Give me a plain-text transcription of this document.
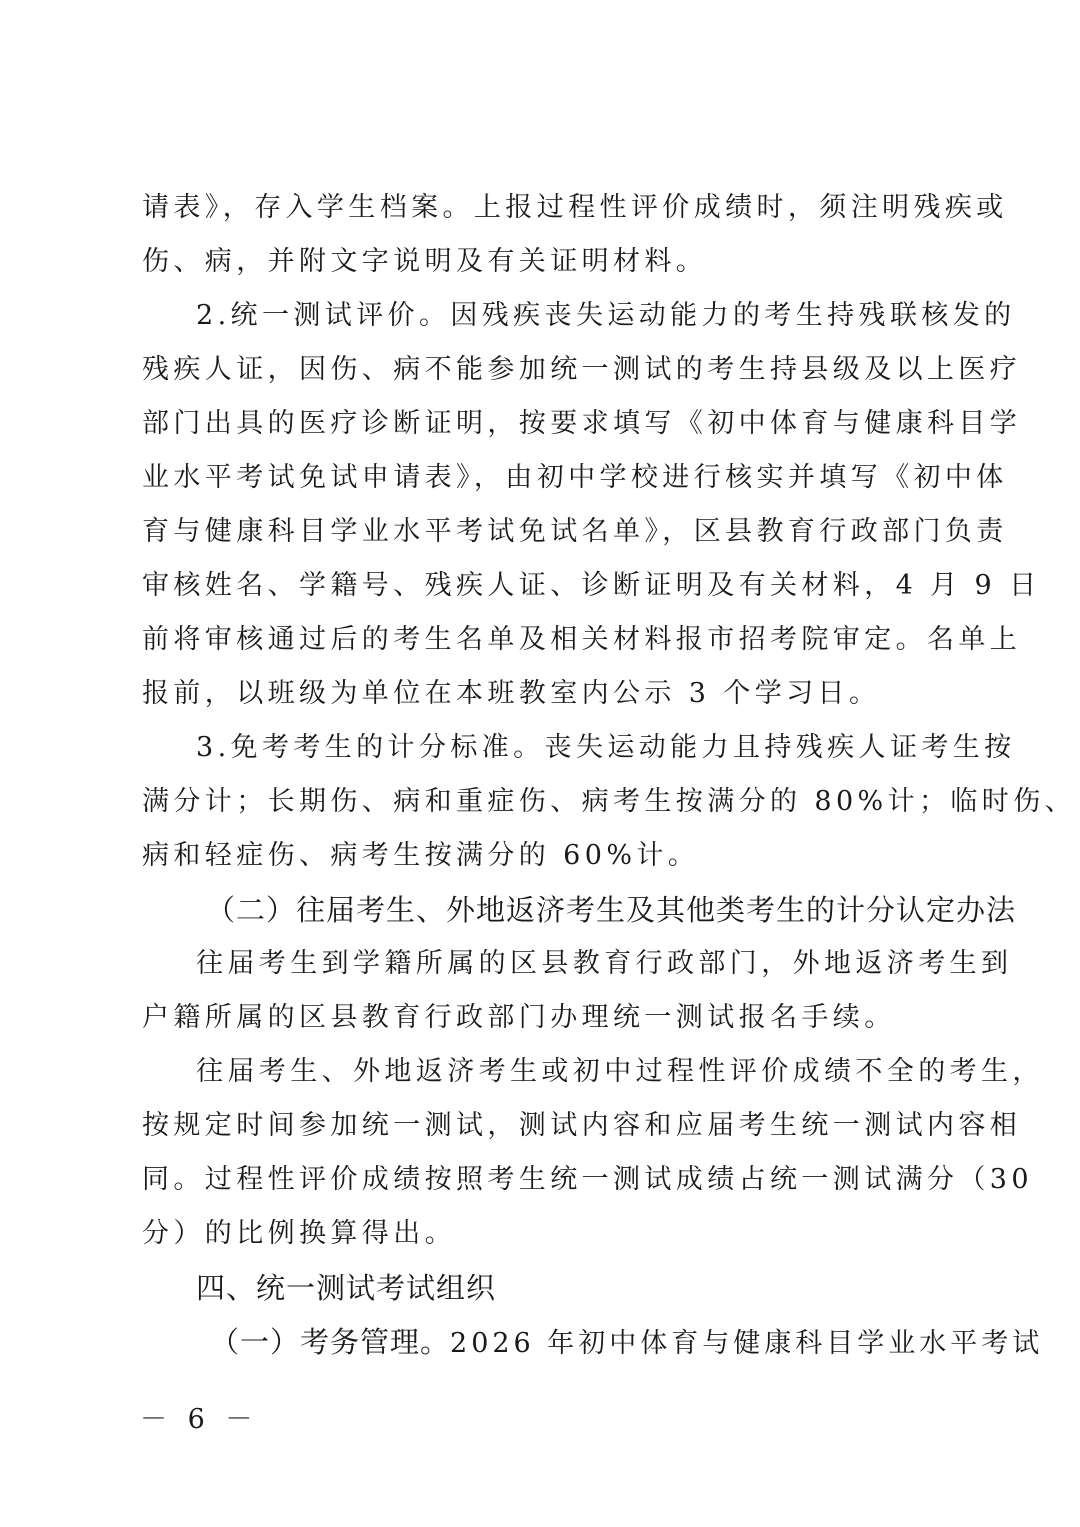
请表》，存入学生档案。上报过程性评价成绩时，须注明残疾或
伤、病，并附文字说明及有关证明材料。
2.统一测试评价。因残疾丧失运动能力的考生持残联核发的
残疾人证，因伤、病不能参加统一测试的考生持县级及以上医疗
部门出具的医疗诊断证明，按要求填写《初中体育与健康科目学
业水平考试免试申请表》，由初中学校进行核实并填写《初中体
育与健康科目学业水平考试免试名单》，区县教育行政部门负责
审核姓名、学籍号、残疾人证、诊断证明及有关材料，4 月 9 日
前将审核通过后的考生名单及相关材料报市招考院审定。名单上
报前，以班级为单位在本班教室内公示 3 个学习日。
3.免考考生的计分标准。丧失运动能力且持残疾人证考生按
满分计；长期伤、病和重症伤、病考生按满分的 80%计；临时伤、
病和轻症伤、病考生按满分的 60%计。
（二）往届考生、外地返济考生及其他类考生的计分认定办法
往届考生到学籍所属的区县教育行政部门，外地返济考生到
户籍所属的区县教育行政部门办理统一测试报名手续。
往届考生、外地返济考生或初中过程性评价成绩不全的考生，
按规定时间参加统一测试，测试内容和应届考生统一测试内容相
同。过程性评价成绩按照考生统一测试成绩占统一测试满分（30
分）的比例换算得出。
四、统一测试考试组织
（一）考务管理。2026 年初中体育与健康科目学业水平考试
－ 6 －
